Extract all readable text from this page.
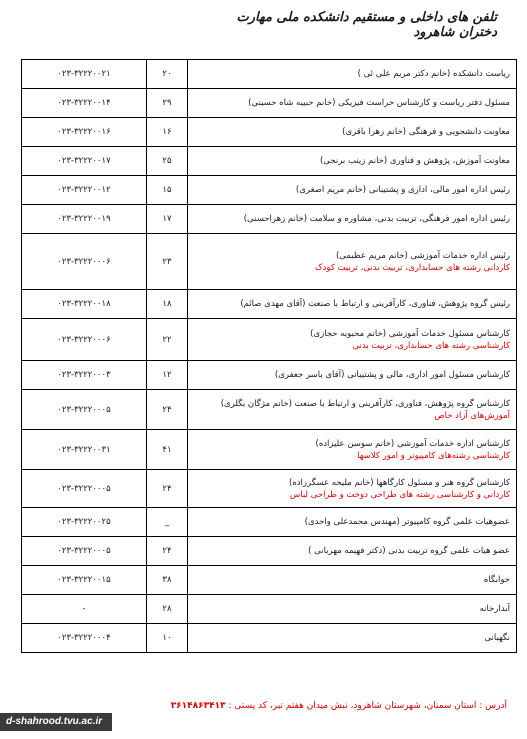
تلفن های داخلی و مستقیم دانشکده ملی مهارت دختران شاهرود
ریاست دانشکده (خانم دکتر مریم علی ئی )	۲۰	۰۲۳-۳۲۲۲۰۰۲۱
مسئول دفتر ریاست و کارشناس حراست فیزیکی (خانم حبیبه شاه حسینی)	۲۹	۰۲۳-۳۲۲۲۰۰۱۴
معاونت دانشجویی و فرهنگی (خانم زهرا باقری)	۱۶	۰۲۳-۳۲۲۲۰۰۱۶
معاونت آموزش، پژوهش و فناوری (خانم زینب برنجی)	۲۵	۰۲۳-۳۲۲۲۰۰۱۷
رئیس اداره امور مالی، اداری و پشتیبانی (خانم مریم اصغری)	۱۵	۰۲۳-۳۲۲۲۰۰۱۲
رئیس اداره امور فرهنگی، تربیت بدنی، مشاوره و سلامت (خانم زهراحسنی)	۱۷	۰۲۳-۳۲۲۲۰۰۱۹
رئیس اداره خدمات آموزشی (خانم مریم عظیمی)
کاردانی رشته های حسابداری، تربیت بدنی، تربیت کودک	۲۳	۰۲۳-۳۲۲۲۰۰۰۶
رئیس گروه پژوهش، فناوری، کارآفرینی و ارتباط با صنعت (آقای مهدی صائم)	۱۸	۰۲۳-۳۲۲۲۰۰۱۸
کارشناس مسئول خدمات آموزشی (خانم محبوبه حجازی)
کارشناسی رشته های حسابداری، تربیت بدنی	۲۲	۰۲۳-۳۲۲۲۰۰۰۶
کارشناس مسئول امور اداری، مالی و پشتیبانی (آقای یاسر جعفری)	۱۲	۰۲۳-۳۲۲۲۰۰۰۳
کارشناس گروه پژوهش، فناوری، کارآفرینی و ارتباط با صنعت (خانم مژگان بگلری)
آموزش‌های آزاد خاص	۲۴	۰۲۳-۳۲۲۲۰۰۰۵
کارشناس اداره خدمات آموزشی (خانم سوسن علیزاده)
کارشناسی رشته‌های کامپیوتر و امور کلاسها	۴۱	۰۲۳-۳۲۲۲۰۰۳۱
کارشناس گروه هنر و مسئول کارگاهها (خانم ملیحه عسگرزاده)
کاردانی و کارشناسی رشته های طراحی دوخت و طراحی لباس	۲۴	۰۲۳-۳۲۲۲۰۰۰۵
عضوهیات علمی گروه کامپیوتر (مهندس محمدعلی واحدی)	_	۰۲۳-۳۲۲۲۰۰۲۵
عضو هیات علمی گروه تربیت بدنی (دکتر فهیمه مهربانی )	۲۴	۰۲۳-۳۲۲۲۰۰۰۵
خوابگاه	۳۸	۰۲۳-۳۲۲۲۰۰۱۵
آبدارخانه	۲۸	-
نگهبانی	۱۰	۰۲۳-۳۲۲۲۰۰۰۴
آدرس : استان سمنان، شهرستان شاهرود، نبش میدان هفتم تیر، کد پستی : ۳۶۱۴۸۶۳۴۱۳
d-shahrood.tvu.ac.ir
